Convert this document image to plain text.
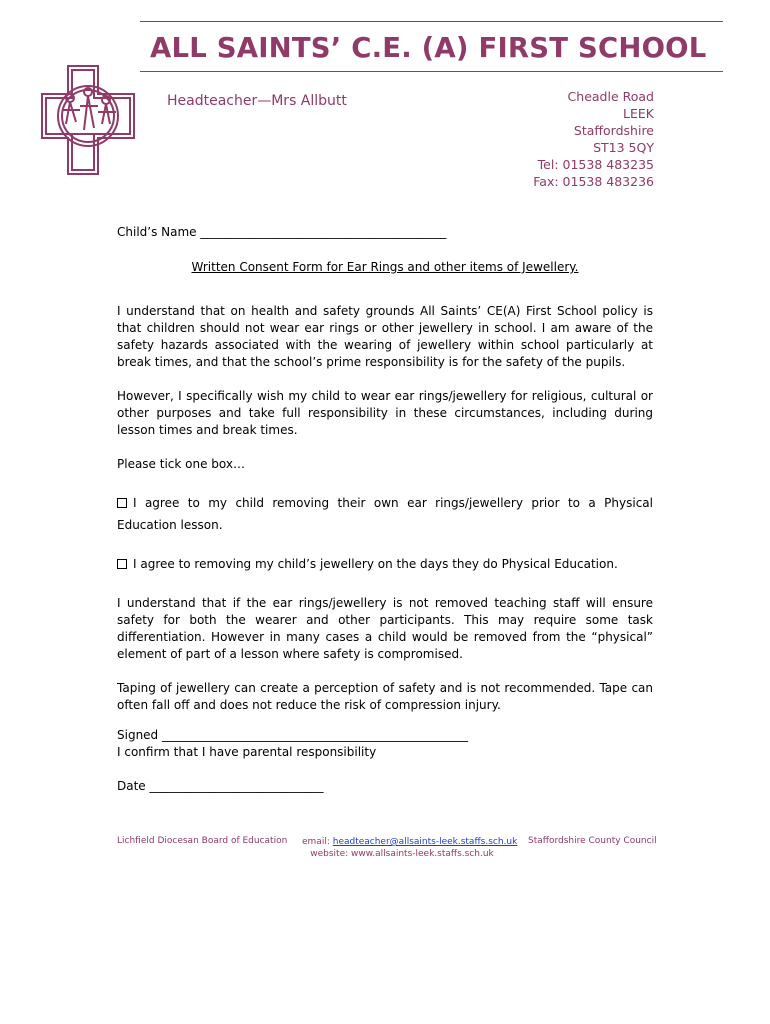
ALL SAINTS’ C.E. (A) FIRST SCHOOL
Headteacher—Mrs Allbutt	Cheadle Road
LEEK
Staffordshire
ST13 5QY
Tel: 01538 483235
Fax: 01538 483236
Child’s Name _________________________________________
Written Consent Form for Ear Rings and other items of Jewellery.
I understand that on health and safety grounds All Saints’ CE(A) First School policy is that children should not wear ear rings or other jewellery in school. I am aware of the safety hazards associated with the wearing of jewellery within school particularly at break times, and that the school’s prime responsibility is for the safety of the pupils.
However, I specifically wish my child to wear ear rings/jewellery for religious, cultural or other purposes and take full responsibility in these circumstances, including during lesson times and break times.
Please tick one box…
I agree to my child removing their own ear rings/jewellery prior to a Physical Education lesson.
I agree to removing my child’s jewellery on the days they do Physical Education.
I understand that if the ear rings/jewellery is not removed teaching staff will ensure safety for both the wearer and other participants. This may require some task differentiation. However in many cases a child would be removed from the “physical” element of part of a lesson where safety is compromised.
Taping of jewellery can create a perception of safety and is not recommended. Tape can often fall off and does not reduce the risk of compression injury.
Signed ___________________________________________________
I confirm that I have parental responsibility
Date _____________________________
Lichfield Diocesan Board of Education email: headteacher@allsaints-leek.staffs.sch.uk
website: www.allsaints-leek.staffs.sch.uk
Staffordshire County Council
